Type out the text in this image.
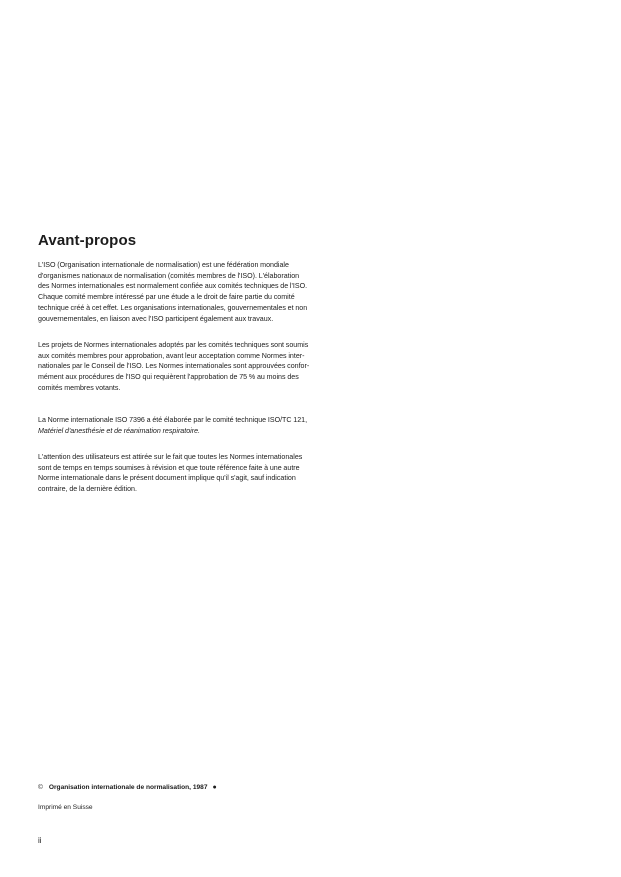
Avant-propos

L'ISO (Organisation internationale de normalisation) est une fédération mondiale
d'organismes nationaux de normalisation (comités membres de l'ISO). L'élaboration
des Normes internationales est normalement confiée aux comités techniques de l'ISO.
Chaque comité membre intéressé par une étude a le droit de faire partie du comité
technique créé à cet effet. Les organisations internationales, gouvernementales et non
gouvernementales, en liaison avec l'ISO participent également aux travaux.

Les projets de Normes internationales adoptés par les comités techniques sont soumis
aux comités membres pour approbation, avant leur acceptation comme Normes inter-
nationales par le Conseil de l'ISO. Les Normes internationales sont approuvées confor-
mément aux procédures de l'ISO qui requièrent l'approbation de 75 % au moins des
comités membres votants.

La Norme internationale ISO 7396 a été élaborée par le comité technique ISO/TC 121,
Matériel d'anesthésie et de réanimation respiratoire.

L'attention des utilisateurs est attirée sur le fait que toutes les Normes internationales
sont de temps en temps soumises à révision et que toute référence faite à une autre
Norme internationale dans le présent document implique qu'il s'agit, sauf indication
contraire, de la dernière édition.

© Organisation internationale de normalisation, 1987 ●
Imprimé en Suisse
ii
